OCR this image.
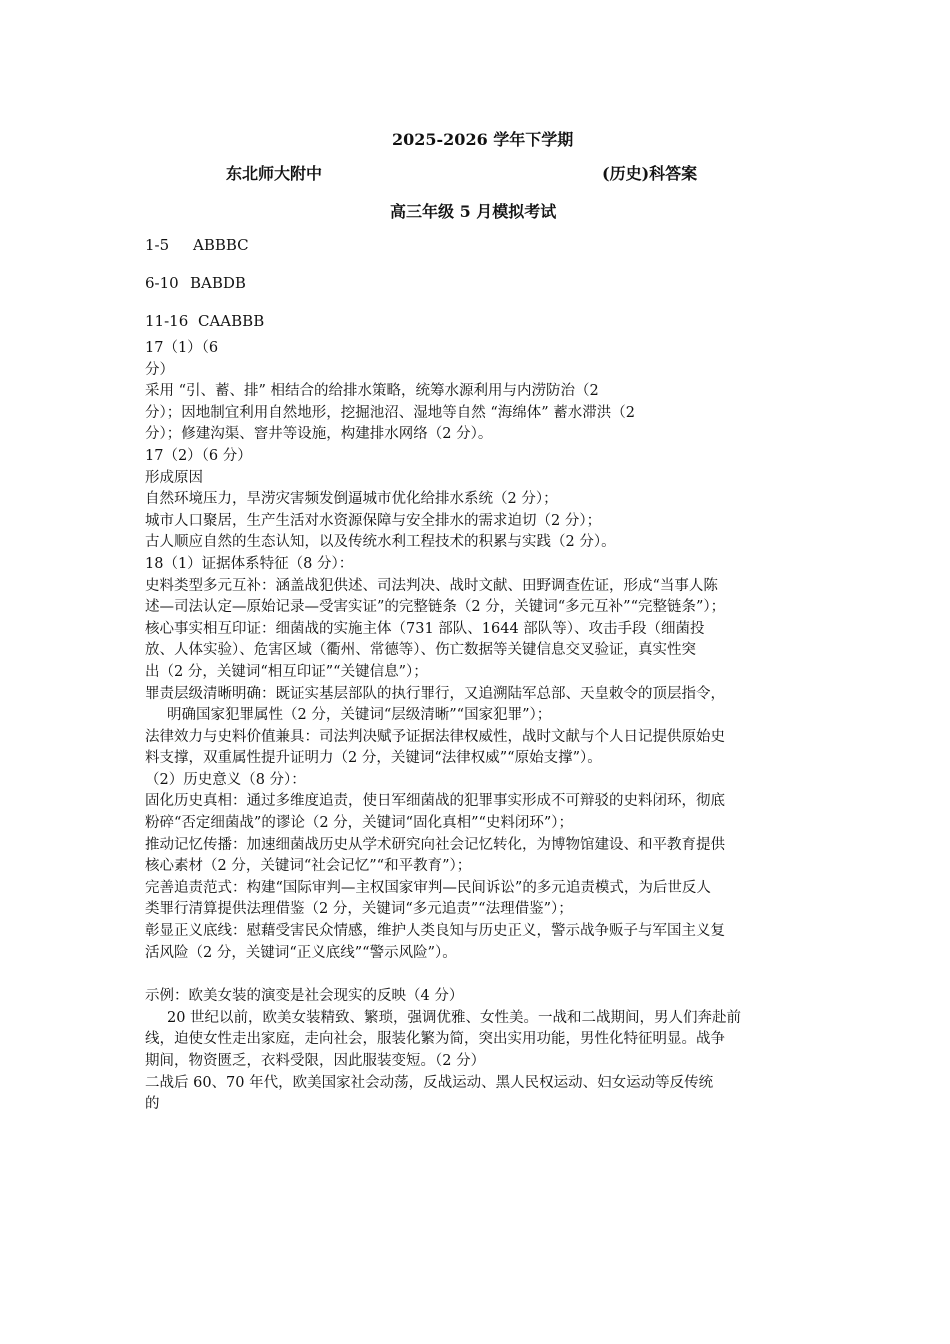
2025-2026 学年下学期
东北师大附中	(历史)科答案
高三年级 5 月模拟考试
1-5 ABBBC
6-10 BABDB
11-16 CAABBB

17（1）（6

分）

采用 “引、蓄、排” 相结合的给排水策略，统筹水源利用与内涝防治（2

分）；因地制宜利用自然地形，挖掘池沼、湿地等自然 “海绵体” 蓄水滞洪（2

分）；修建沟渠、窨井等设施，构建排水网络（2 分）。

17（2）（6 分）

形成原因

自然环境压力，旱涝灾害频发倒逼城市优化给排水系统（2 分）；

城市人口聚居，生产生活对水资源保障与安全排水的需求迫切（2 分）；

古人顺应自然的生态认知，以及传统水利工程技术的积累与实践（2 分）。

18（1）证据体系特征（8 分）：

史料类型多元互补：涵盖战犯供述、司法判决、战时文献、田野调查佐证，形成“当事人陈

述—司法认定—原始记录—受害实证”的完整链条（2 分，关键词“多元互补”“完整链条”）；

核心事实相互印证：细菌战的实施主体（731 部队、1644 部队等）、攻击手段（细菌投

放、人体实验）、危害区域（衢州、常德等）、伤亡数据等关键信息交叉验证，真实性突

出（2 分，关键词“相互印证”“关键信息”）；

罪责层级清晰明确：既证实基层部队的执行罪行，又追溯陆军总部、天皇敕令的顶层指令，

明确国家犯罪属性（2 分，关键词“层级清晰”“国家犯罪”）；

法律效力与史料价值兼具：司法判决赋予证据法律权威性，战时文献与个人日记提供原始史

料支撑，双重属性提升证明力（2 分，关键词“法律权威”“原始支撑”）。

（2）历史意义（8 分）：

固化历史真相：通过多维度追责，使日军细菌战的犯罪事实形成不可辩驳的史料闭环，彻底

粉碎“否定细菌战”的谬论（2 分，关键词“固化真相”“史料闭环”）；

推动记忆传播：加速细菌战历史从学术研究向社会记忆转化，为博物馆建设、和平教育提供

核心素材（2 分，关键词“社会记忆”“和平教育”）；

完善追责范式：构建“国际审判—主权国家审判—民间诉讼”的多元追责模式，为后世反人

类罪行清算提供法理借鉴（2 分，关键词“多元追责”“法理借鉴”）；

彰显正义底线：慰藉受害民众情感，维护人类良知与历史正义，警示战争贩子与军国主义复

活风险（2 分，关键词“正义底线”“警示风险”）。

示例：欧美女装的演变是社会现实的反映（4 分）

20 世纪以前，欧美女装精致、繁琐，强调优雅、女性美。一战和二战期间，男人们奔赴前

线，迫使女性走出家庭，走向社会，服装化繁为简，突出实用功能，男性化特征明显。战争

期间，物资匮乏，衣料受限，因此服装变短。（2 分）

二战后 60、70 年代，欧美国家社会动荡，反战运动、黑人民权运动、妇女运动等反传统

的
